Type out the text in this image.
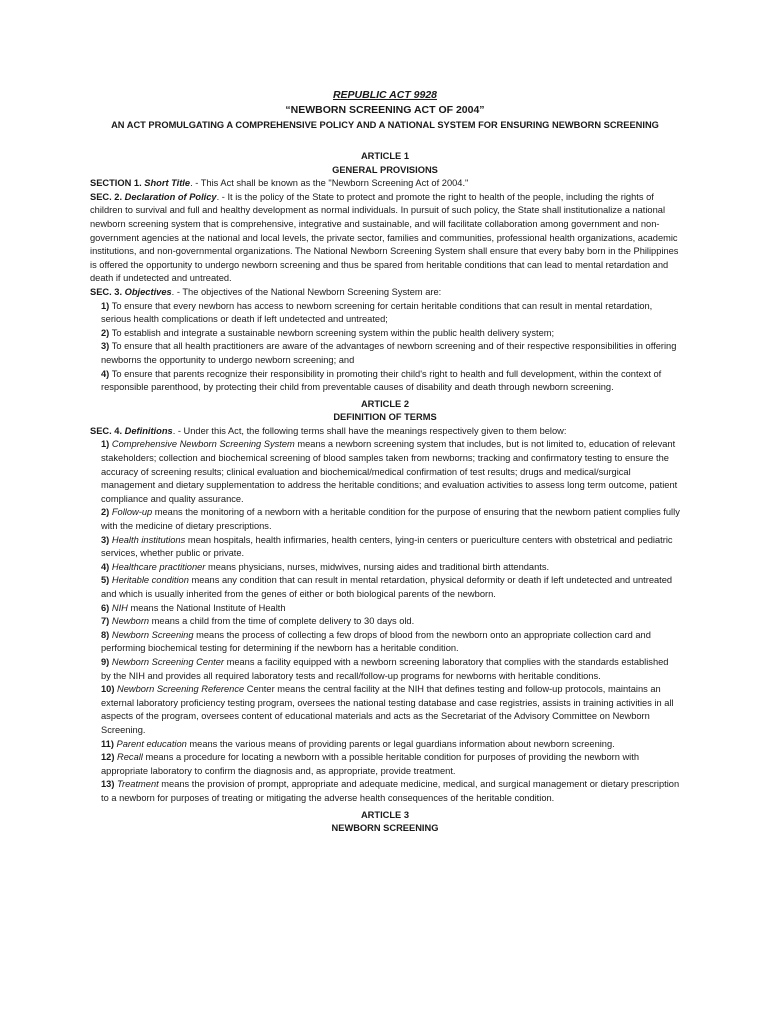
REPUBLIC ACT 9928

“NEWBORN SCREENING ACT OF 2004”

AN ACT PROMULGATING A COMPREHENSIVE POLICY AND A NATIONAL SYSTEM FOR ENSURING NEWBORN SCREENING

ARTICLE 1

GENERAL PROVISIONS

SECTION 1. Short Title. - This Act shall be known as the "Newborn Screening Act of 2004."

SEC. 2. Declaration of Policy. - It is the policy of the State to protect and promote the right to health of the people, including the rights of children to survival and full and healthy development as normal individuals. In pursuit of such policy, the State shall institutionalize a national newborn screening system that is comprehensive, integrative and sustainable, and will facilitate collaboration among government and non-government agencies at the national and local levels, the private sector, families and communities, professional health organizations, academic institutions, and non-governmental organizations. The National Newborn Screening System shall ensure that every baby born in the Philippines is offered the opportunity to undergo newborn screening and thus be spared from heritable conditions that can lead to mental retardation and death if undetected and untreated.

SEC. 3. Objectives. - The objectives of the National Newborn Screening System are:

1) To ensure that every newborn has access to newborn screening for certain heritable conditions that can result in mental retardation, serious health complications or death if left undetected and untreated;

2) To establish and integrate a sustainable newborn screening system within the public health delivery system;

3) To ensure that all health practitioners are aware of the advantages of newborn screening and of their respective responsibilities in offering newborns the opportunity to undergo newborn screening; and

4) To ensure that parents recognize their responsibility in promoting their child's right to health and full development, within the context of responsible parenthood, by protecting their child from preventable causes of disability and death through newborn screening.

ARTICLE 2

DEFINITION OF TERMS

SEC. 4. Definitions. - Under this Act, the following terms shall have the meanings respectively given to them below:

1) Comprehensive Newborn Screening System means a newborn screening system that includes, but is not limited to, education of relevant stakeholders; collection and biochemical screening of blood samples taken from newborns; tracking and confirmatory testing to ensure the accuracy of screening results; clinical evaluation and biochemical/medical confirmation of test results; drugs and medical/surgical management and dietary supplementation to address the heritable conditions; and evaluation activities to assess long term outcome, patient compliance and quality assurance.

2) Follow-up means the monitoring of a newborn with a heritable condition for the purpose of ensuring that the newborn patient complies fully with the medicine of dietary prescriptions.

3) Health institutions mean hospitals, health infirmaries, health centers, lying-in centers or puericulture centers with obstetrical and pediatric services, whether public or private.

4) Healthcare practitioner means physicians, nurses, midwives, nursing aides and traditional birth attendants.

5) Heritable condition means any condition that can result in mental retardation, physical deformity or death if left undetected and untreated and which is usually inherited from the genes of either or both biological parents of the newborn.

6) NIH means the National Institute of Health

7) Newborn means a child from the time of complete delivery to 30 days old.

8) Newborn Screening means the process of collecting a few drops of blood from the newborn onto an appropriate collection card and performing biochemical testing for determining if the newborn has a heritable condition.

9) Newborn Screening Center means a facility equipped with a newborn screening laboratory that complies with the standards established by the NIH and provides all required laboratory tests and recall/follow-up programs for newborns with heritable conditions.

10) Newborn Screening Reference Center means the central facility at the NIH that defines testing and follow-up protocols, maintains an external laboratory proficiency testing program, oversees the national testing database and case registries, assists in training activities in all aspects of the program, oversees content of educational materials and acts as the Secretariat of the Advisory Committee on Newborn Screening.

11) Parent education means the various means of providing parents or legal guardians information about newborn screening.

12) Recall means a procedure for locating a newborn with a possible heritable condition for purposes of providing the newborn with appropriate laboratory to confirm the diagnosis and, as appropriate, provide treatment.

13) Treatment means the provision of prompt, appropriate and adequate medicine, medical, and surgical management or dietary prescription to a newborn for purposes of treating or mitigating the adverse health consequences of the heritable condition.

ARTICLE 3

NEWBORN SCREENING
